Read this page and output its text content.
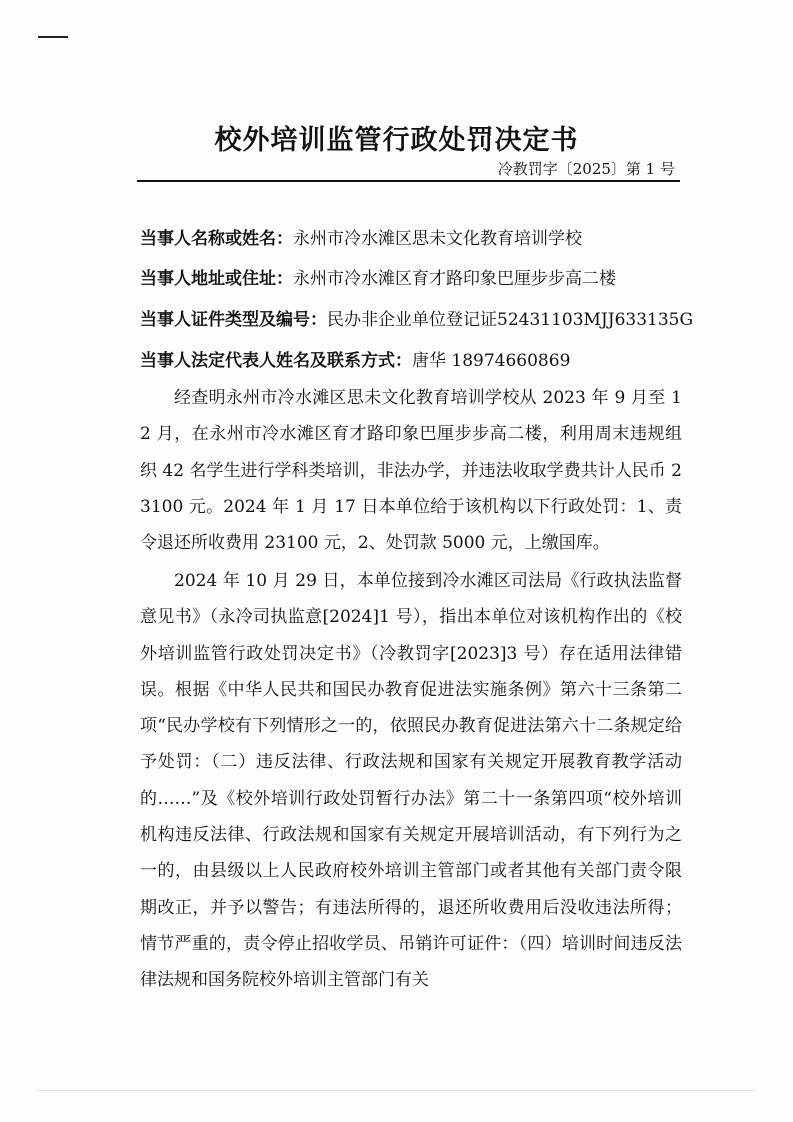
校外培训监管行政处罚决定书
冷教罚字〔2025〕第 1 号
当事人名称或姓名：永州市冷水滩区思未文化教育培训学校
当事人地址或住址：永州市冷水滩区育才路印象巴厘步步高二楼
当事人证件类型及编号：民办非企业单位登记证52431103MJJ633135G
当事人法定代表人姓名及联系方式：唐华 18974660869

经查明永州市冷水滩区思未文化教育培训学校从 2023 年 9 月至 12 月，在永州市冷水滩区育才路印象巴厘步步高二楼，利用周末违规组织 42 名学生进行学科类培训，非法办学，并违法收取学费共计人民币 23100 元。2024 年 1 月 17 日本单位给于该机构以下行政处罚：1、责令退还所收费用 23100 元，2、处罚款 5000 元，上缴国库。

2024 年 10 月 29 日，本单位接到冷水滩区司法局《行政执法监督意见书》（永冷司执监意[2024]1 号），指出本单位对该机构作出的《校外培训监管行政处罚决定书》（冷教罚字[2023]3 号）存在适用法律错误。根据《中华人民共和国民办教育促进法实施条例》第六十三条第二项“民办学校有下列情形之一的，依照民办教育促进法第六十二条规定给予处罚：（二）违反法律、行政法规和国家有关规定开展教育教学活动的……”及《校外培训行政处罚暂行办法》第二十一条第四项“校外培训机构违反法律、行政法规和国家有关规定开展培训活动，有下列行为之一的，由县级以上人民政府校外培训主管部门或者其他有关部门责令限期改正，并予以警告；有违法所得的，退还所收费用后没收违法所得；情节严重的，责令停止招收学员、吊销许可证件：（四）培训时间违反法律法规和国务院校外培训主管部门有关
